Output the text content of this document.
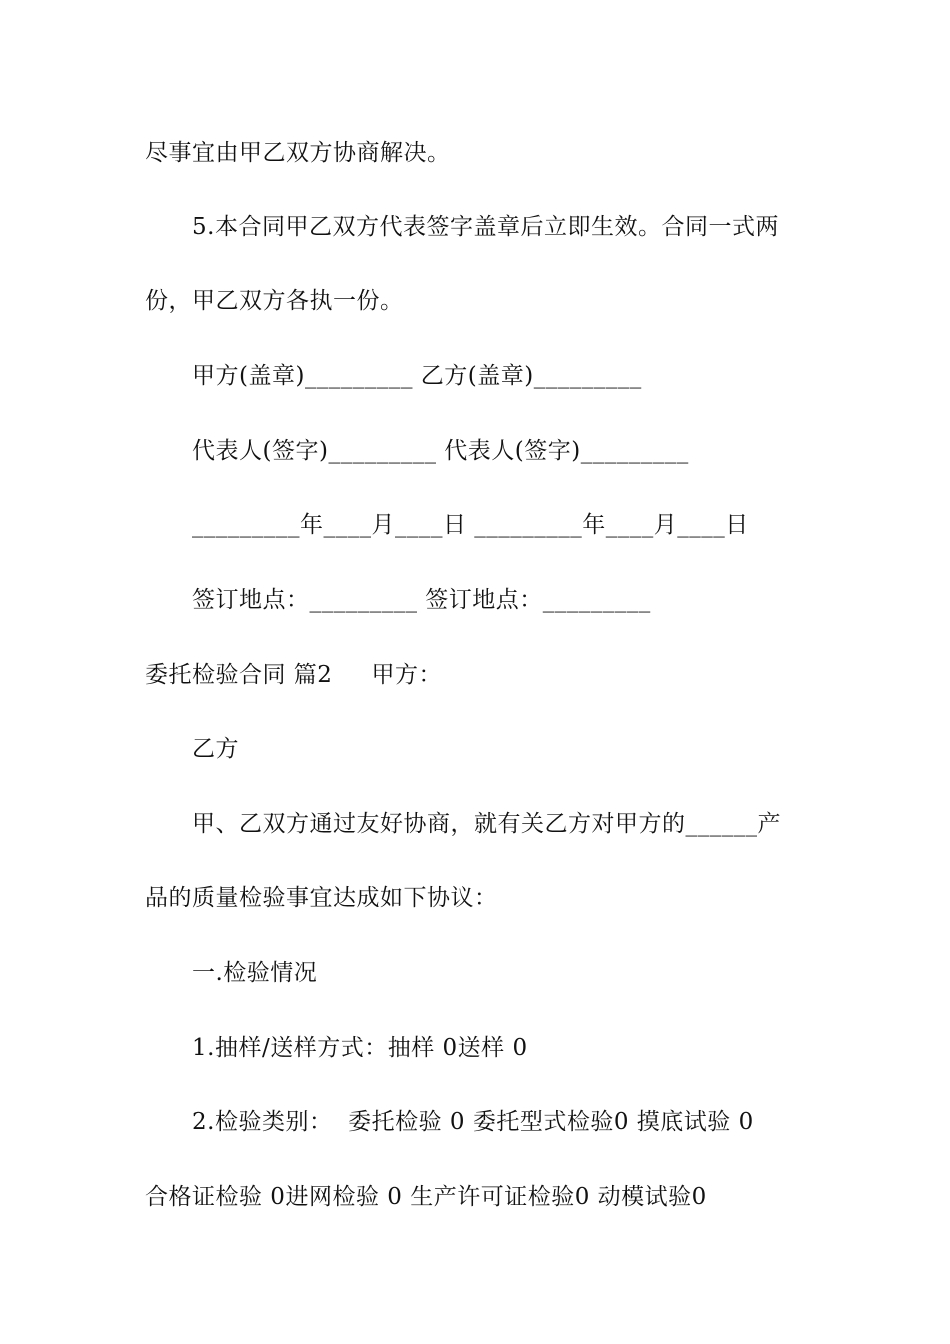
尽事宜由甲乙双方协商解决。
5.本合同甲乙双方代表签字盖章后立即生效。合同一式两
份，甲乙双方各执一份。
甲方(盖章)_________ 乙方(盖章)_________
代表人(签字)_________ 代表人(签字)_________
_________年____月____日 _________年____月____日
签订地点：_________ 签订地点：_________
委托检验合同 篇2     甲方：
乙方
甲、乙双方通过友好协商，就有关乙方对甲方的______产
品的质量检验事宜达成如下协议：
一.检验情况
1.抽样/送样方式：抽样 0送样 0
2.检验类别：  委托检验 0 委托型式检验0 摸底试验 0
合格证检验 0进网检验 0 生产许可证检验0 动模试验0
